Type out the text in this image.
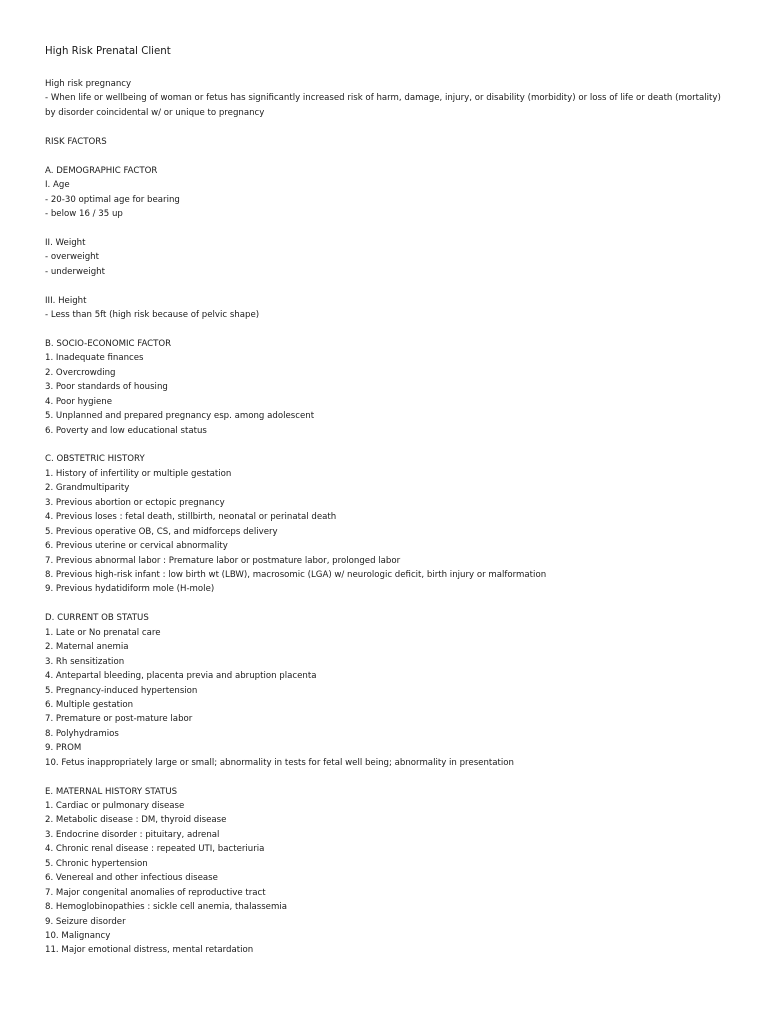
High Risk Prenatal Client
High risk pregnancy
- When life or wellbeing of woman or fetus has significantly increased risk of harm, damage, injury, or disability (morbidity) or loss of life or death (mortality)
by disorder coincidental w/ or unique to pregnancy
RISK FACTORS
A. DEMOGRAPHIC FACTOR
I. Age
- 20-30 optimal age for bearing
- below 16 / 35 up
II. Weight
- overweight
- underweight
III. Height
- Less than 5ft (high risk because of pelvic shape)
B. SOCIO-ECONOMIC FACTOR
1. Inadequate finances
2. Overcrowding
3. Poor standards of housing
4. Poor hygiene
5. Unplanned and prepared pregnancy esp. among adolescent
6. Poverty and low educational status
C. OBSTETRIC HISTORY
1. History of infertility or multiple gestation
2. Grandmultiparity
3. Previous abortion or ectopic pregnancy
4. Previous loses : fetal death, stillbirth, neonatal or perinatal death
5. Previous operative OB, CS, and midforceps delivery
6. Previous uterine or cervical abnormality
7. Previous abnormal labor : Premature labor or postmature labor, prolonged labor
8. Previous high-risk infant : low birth wt (LBW), macrosomic (LGA) w/ neurologic deficit, birth injury or malformation
9. Previous hydatidiform mole (H-mole)
D. CURRENT OB STATUS
1. Late or No prenatal care
2. Maternal anemia
3. Rh sensitization
4. Antepartal bleeding, placenta previa and abruption placenta
5. Pregnancy-induced hypertension
6. Multiple gestation
7. Premature or post-mature labor
8. Polyhydramios
9. PROM
10. Fetus inappropriately large or small; abnormality in tests for fetal well being; abnormality in presentation
E. MATERNAL HISTORY STATUS
1. Cardiac or pulmonary disease
2. Metabolic disease : DM, thyroid disease
3. Endocrine disorder : pituitary, adrenal
4. Chronic renal disease : repeated UTI, bacteriuria
5. Chronic hypertension
6. Venereal and other infectious disease
7. Major congenital anomalies of reproductive tract
8. Hemoglobinopathies : sickle cell anemia, thalassemia
9. Seizure disorder
10. Malignancy
11. Major emotional distress, mental retardation
